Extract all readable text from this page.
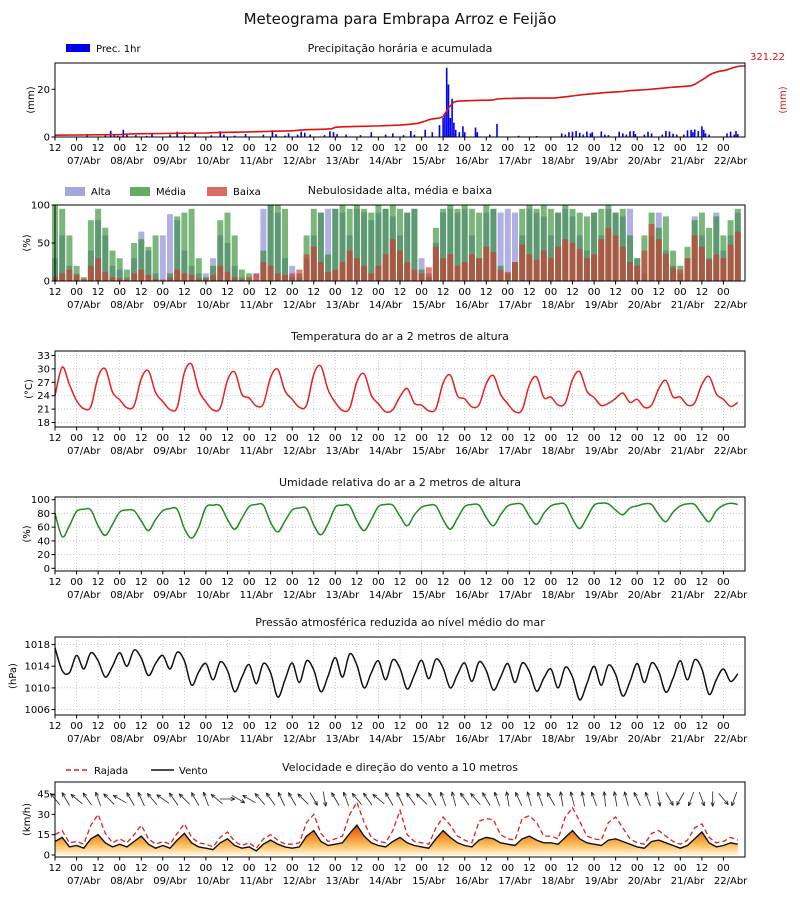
Meteograma para Embrapa Arroz e Feijão
321.22
(mm)
0
20
12 00 12 00 12 00 12 00 12 00 12 00 12 00 12 00 12 00 12 00 12 00 12 00 12 00 12 00 12 00 12 00
07/Abr 08/Abr 09/Abr 10/Abr 11/Abr 12/Abr 13/Abr 14/Abr 15/Abr 16/Abr 17/Abr 18/Abr 19/Abr 20/Abr 21/Abr 22/Abr
(mm)
Precipitação horária e acumulada
Prec. 1hr
0
50
100
12 00 12 00 12 00 12 00 12 00 12 00 12 00 12 00 12 00 12 00 12 00 12 00 12 00 12 00 12 00 12 00
07/Abr 08/Abr 09/Abr 10/Abr 11/Abr 12/Abr 13/Abr 14/Abr 15/Abr 16/Abr 17/Abr 18/Abr 19/Abr 20/Abr 21/Abr 22/Abr
(%)
Nebulosidade alta, média e baixa
Alta	Média	Baixa
18
21
24
27
30
33
12 00 12 00 12 00 12 00 12 00 12 00 12 00 12 00 12 00 12 00 12 00 12 00 12 00 12 00 12 00 12 00
07/Abr 08/Abr 09/Abr 10/Abr 11/Abr 12/Abr 13/Abr 14/Abr 15/Abr 16/Abr 17/Abr 18/Abr 19/Abr 20/Abr 21/Abr 22/Abr
(°C)
Temperatura do ar a 2 metros de altura
0
20
40
60
80
100
12 00 12 00 12 00 12 00 12 00 12 00 12 00 12 00 12 00 12 00 12 00 12 00 12 00 12 00 12 00 12 00
07/Abr 08/Abr 09/Abr 10/Abr 11/Abr 12/Abr 13/Abr 14/Abr 15/Abr 16/Abr 17/Abr 18/Abr 19/Abr 20/Abr 21/Abr 22/Abr
(%)
Umidade relativa do ar a 2 metros de altura
1006
1010
1014
1018
12 00 12 00 12 00 12 00 12 00 12 00 12 00 12 00 12 00 12 00 12 00 12 00 12 00 12 00 12 00 12 00
07/Abr 08/Abr 09/Abr 10/Abr 11/Abr 12/Abr 13/Abr 14/Abr 15/Abr 16/Abr 17/Abr 18/Abr 19/Abr 20/Abr 21/Abr 22/Abr
(hPa)
Pressão atmosférica reduzida ao nível médio do mar
0
15
30
45
12 00 12 00 12 00 12 00 12 00 12 00 12 00 12 00 12 00 12 00 12 00 12 00 12 00 12 00 12 00 12 00
07/Abr 08/Abr 09/Abr 10/Abr 11/Abr 12/Abr 13/Abr 14/Abr 15/Abr 16/Abr 17/Abr 18/Abr 19/Abr 20/Abr 21/Abr 22/Abr
(km/h)
Velocidade e direção do vento a 10 metros
Rajada	Vento
